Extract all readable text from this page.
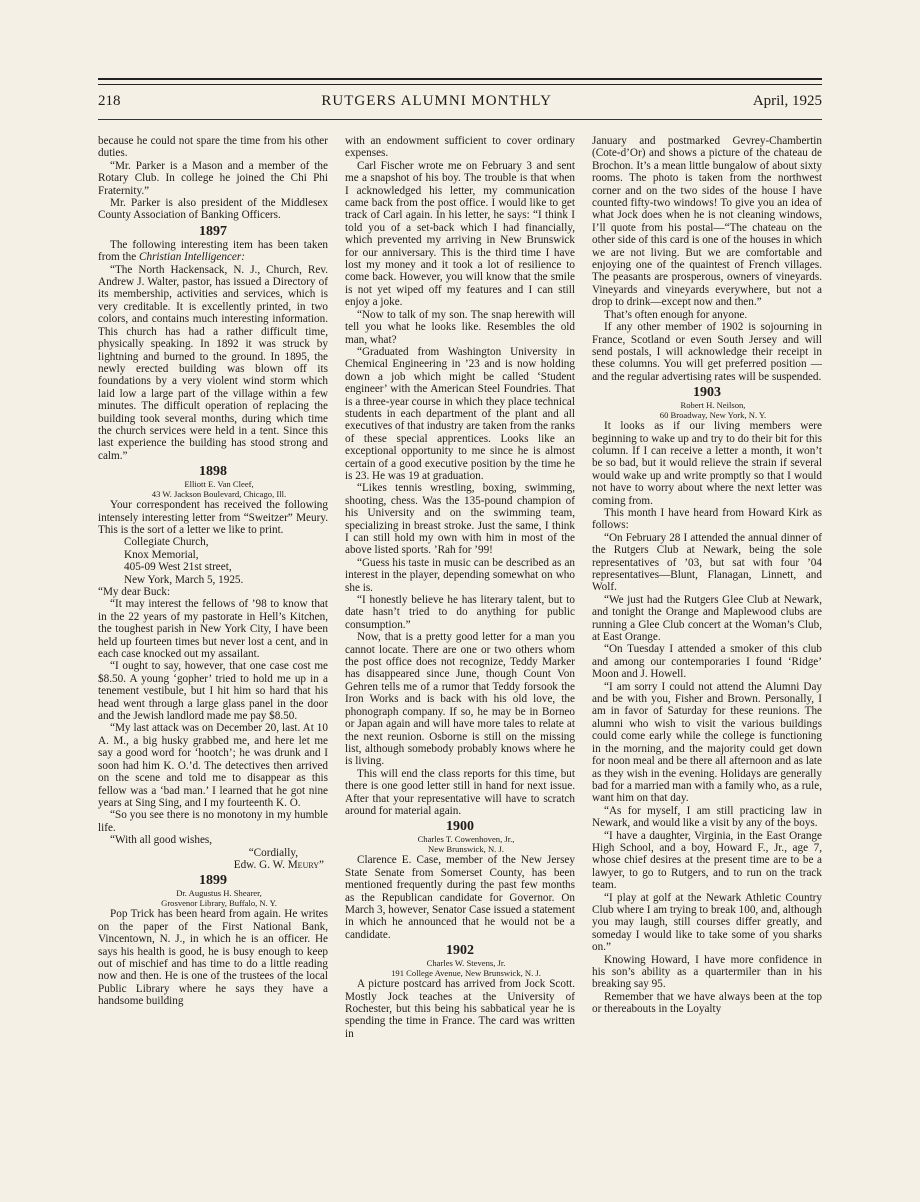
218	RUTGERS ALUMNI MONTHLY	April, 1925

because he could not spare the time from his other duties.

“Mr. Parker is a Mason and a member of the Rotary Club. In college he joined the Chi Phi Fraternity.”

Mr. Parker is also president of the Middlesex County Association of Banking Officers.

1897

The following interesting item has been taken from the Christian Intelligencer:

“The North Hackensack, N. J., Church, Rev. Andrew J. Walter, pastor, has issued a Directory of its membership, activities and services, which is very creditable. It is excellently printed, in two colors, and contains much interesting information. This church has had a rather difficult time, physically speaking. In 1892 it was struck by lightning and burned to the ground. In 1895, the newly erected building was blown off its foundations by a very violent wind storm which laid low a large part of the village within a few minutes. The difficult operation of replacing the building took several months, during which time the church services were held in a tent. Since this last experience the building has stood strong and calm.”

1898

Elliott E. Van Cleef,

43 W. Jackson Boulevard, Chicago, Ill.

Your correspondent has received the following intensely interesting letter from “Sweitzer” Meury. This is the sort of a letter we like to print.

Collegiate Church,
Knox Memorial,
405-09 West 21st street,
New York, March 5, 1925.

“My dear Buck:

“It may interest the fellows of ’98 to know that in the 22 years of my pastorate in Hell’s Kitchen, the toughest parish in New York City, I have been held up fourteen times but never lost a cent, and in each case knocked out my assailant.

“I ought to say, however, that one case cost me $8.50. A young ‘gopher’ tried to hold me up in a tenement vestibule, but I hit him so hard that his head went through a large glass panel in the door and the Jewish landlord made me pay $8.50.

“My last attack was on December 20, last. At 10 A. M., a big husky grabbed me, and here let me say a good word for ‘hootch’; he was drunk and I soon had him K. O.’d. The detectives then arrived on the scene and told me to disappear as this fellow was a ‘bad man.’ I learned that he got nine years at Sing Sing, and I my fourteenth K. O.

“So you see there is no monotony in my humble life.

“With all good wishes,

“Cordially,

Edw. G. W. Meury”

1899

Dr. Augustus H. Shearer,

Grosvenor Library, Buffalo, N. Y.

Pop Trick has been heard from again. He writes on the paper of the First National Bank, Vincentown, N. J., in which he is an officer. He says his health is good, he is busy enough to keep out of mischief and has time to do a little reading now and then. He is one of the trustees of the local Public Library where he says they have a handsome building

with an endowment sufficient to cover ordinary expenses.

Carl Fischer wrote me on February 3 and sent me a snapshot of his boy. The trouble is that when I acknowledged his letter, my communication came back from the post office. I would like to get track of Carl again. In his letter, he says: “I think I told you of a set-back which I had financially, which prevented my arriving in New Brunswick for our anniversary. This is the third time I have lost my money and it took a lot of resilience to come back. However, you will know that the smile is not yet wiped off my features and I can still enjoy a joke.

“Now to talk of my son. The snap herewith will tell you what he looks like. Resembles the old man, what?

“Graduated from Washington University in Chemical Engineering in ’23 and is now holding down a job which might be called ‘Student engineer’ with the American Steel Foundries. That is a three-year course in which they place technical students in each department of the plant and all executives of that industry are taken from the ranks of these special apprentices. Looks like an exceptional opportunity to me since he is almost certain of a good executive position by the time he is 23. He was 19 at graduation.

“Likes tennis wrestling, boxing, swimming, shooting, chess. Was the 135-pound champion of his University and on the swimming team, specializing in breast stroke. Just the same, I think I can still hold my own with him in most of the above listed sports. ’Rah for ’99!

“Guess his taste in music can be described as an interest in the player, depending somewhat on who she is.

“I honestly believe he has literary talent, but to date hasn’t tried to do anything for public consumption.”

Now, that is a pretty good letter for a man you cannot locate. There are one or two others whom the post office does not recognize, Teddy Marker has disappeared since June, though Count Von Gehren tells me of a rumor that Teddy forsook the Iron Works and is back with his old love, the phonograph company. If so, he may be in Borneo or Japan again and will have more tales to relate at the next reunion. Osborne is still on the missing list, although somebody probably knows where he is living.

This will end the class reports for this time, but there is one good letter still in hand for next issue. After that your representative will have to scratch around for material again.

1900

Charles T. Cowenhoven, Jr.,

New Brunswick, N. J.

Clarence E. Case, member of the New Jersey State Senate from Somerset County, has been mentioned frequently during the past few months as the Republican candidate for Governor. On March 3, however, Senator Case issued a statement in which he announced that he would not be a candidate.

1902

Charles W. Stevens, Jr.

191 College Avenue, New Brunswick, N. J.

A picture postcard has arrived from Jock Scott. Mostly Jock teaches at the University of Rochester, but this being his sabbatical year he is spending the time in France. The card was written in

January and postmarked Gevrey-Chambertin (Cote-d’Or) and shows a picture of the chateau de Brochon. It’s a mean little bungalow of about sixty rooms. The photo is taken from the northwest corner and on the two sides of the house I have counted fifty-two windows! To give you an idea of what Jock does when he is not cleaning windows, I’ll quote from his postal—“The chateau on the other side of this card is one of the houses in which we are not living. But we are comfortable and enjoying one of the quaintest of French villages. The peasants are prosperous, owners of vineyards. Vineyards and vineyards everywhere, but not a drop to drink—except now and then.”

That’s often enough for anyone.

If any other member of 1902 is sojourning in France, Scotland or even South Jersey and will send postals, I will acknowledge their receipt in these columns. You will get preferred position —and the regular advertising rates will be suspended.

1903

Robert H. Neilson,

60 Broadway, New York, N. Y.

It looks as if our living members were beginning to wake up and try to do their bit for this column. If I can receive a letter a month, it won’t be so bad, but it would relieve the strain if several would wake up and write promptly so that I would not have to worry about where the next letter was coming from.

This month I have heard from Howard Kirk as follows:

“On February 28 I attended the annual dinner of the Rutgers Club at Newark, being the sole representatives of ’03, but sat with four ’04 representatives—Blunt, Flanagan, Linnett, and Wolf.

“We just had the Rutgers Glee Club at Newark, and tonight the Orange and Maplewood clubs are running a Glee Club concert at the Woman’s Club, at East Orange.

“On Tuesday I attended a smoker of this club and among our contemporaries I found ‘Ridge’ Moon and J. Howell.

“I am sorry I could not attend the Alumni Day and be with you, Fisher and Brown. Personally, I am in favor of Saturday for these reunions. The alumni who wish to visit the various buildings could come early while the college is functioning in the morning, and the majority could get down for noon meal and be there all afternoon and as late as they wish in the evening. Holidays are generally bad for a married man with a family who, as a rule, want him on that day.

“As for myself, I am still practicing law in Newark, and would like a visit by any of the boys.

“I have a daughter, Virginia, in the East Orange High School, and a boy, Howard F., Jr., age 7, whose chief desires at the present time are to be a lawyer, to go to Rutgers, and to run on the track team.

“I play at golf at the Newark Athletic Country Club where I am trying to break 100, and, although you may laugh, still courses differ greatly, and someday I would like to take some of you sharks on.”

Knowing Howard, I have more confidence in his son’s ability as a quartermiler than in his breaking say 95.

Remember that we have always been at the top or thereabouts in the Loyalty
